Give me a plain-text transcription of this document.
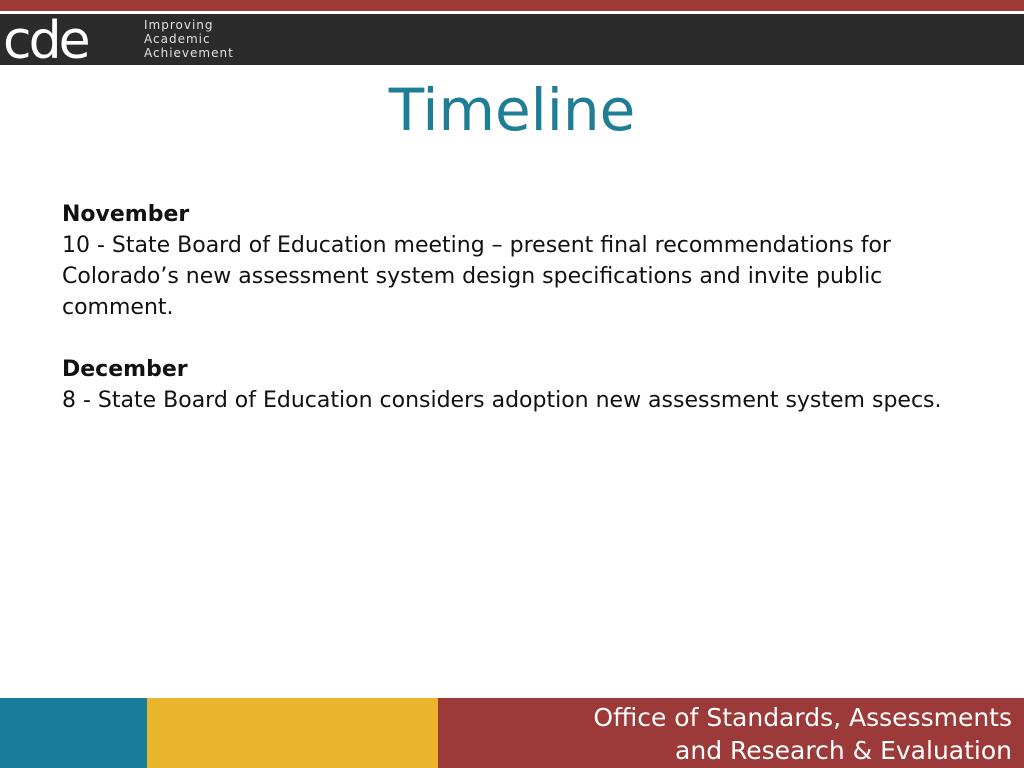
cde	Improving
Academic
Achievement
Timeline
November
10 - State Board of Education meeting – present final recommendations for Colorado’s new assessment system design specifications and invite public comment.
December
8 - State Board of Education considers adoption new assessment system specs.
Office of Standards, Assessments
and Research & Evaluation
